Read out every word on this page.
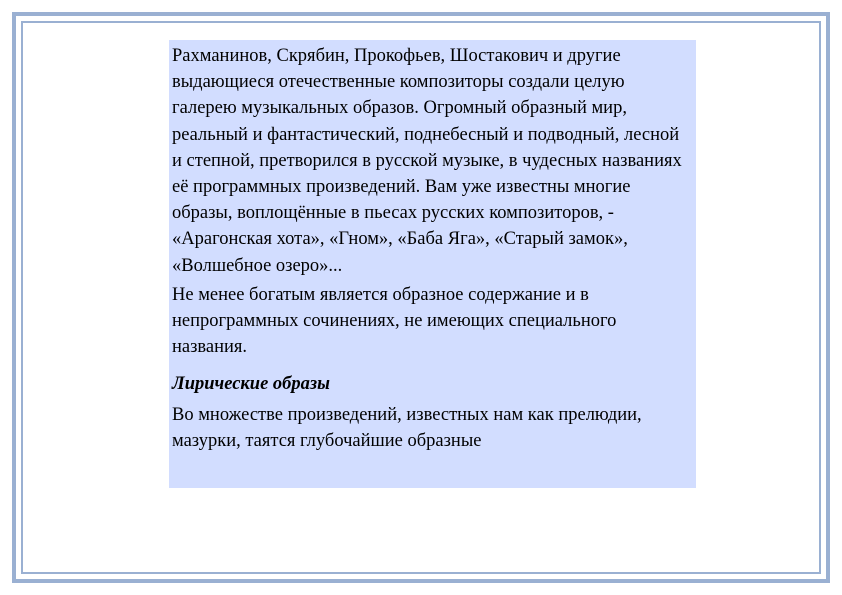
Рахманинов, Скрябин, Прокофьев, Шостакович и другие выдающиеся отечественные композиторы создали целую галерею музыкальных образов. Огромный образный мир, реальный и фантастический, поднебесный и подводный, лесной и степной, претворился в русской музыке, в чудесных названиях её программных произведений. Вам уже известны многие образы, воплощённые в пьесах русских композиторов, - «Арагонская хота», «Гном», «Баба Яга», «Старый замок», «Волшебное озеро»...

Не менее богатым является образное содержание и в непрограммных сочинениях, не имеющих специального названия.

Лирические образы

Во множестве произведений, известных нам как прелюдии, мазурки, таятся глубочайшие образные
